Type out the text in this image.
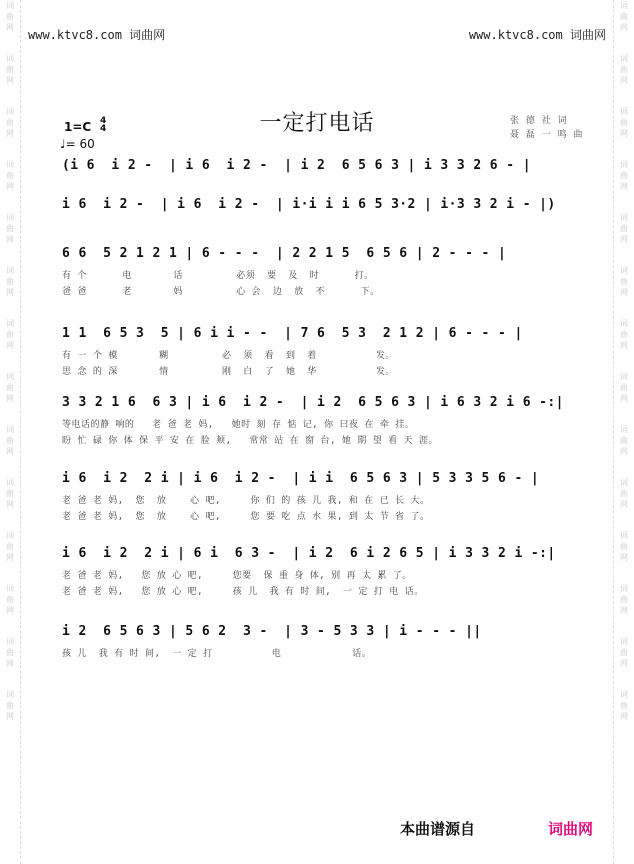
词
曲
网
词
曲
网
词
曲
网
词
曲
网
词
曲
网
词
曲
网
词
曲
网
词
曲
网
词
曲
网
词
曲
网
词
曲
网
词
曲
网
词
曲
网
词
曲
网
词
曲
网
词
曲
网
词
曲
网
词
曲
网
词
曲
网
词
曲
网
词
曲
网
词
曲
网
词
曲
网
词
曲
网
词
曲
网
词
曲
网
词
曲
网
词
曲
网
www.ktvc8.com 词曲网	www.ktvc8.com 词曲网
一定打电话
1=C 4
4
♩= 60
张 德 社 词
聂 磊 一 鸣 曲
(i 6  i 2 -  | i 6  i 2 -  | i 2  6 5 6 3 | i 3 3 2 6 - |
i 6  i 2 -  | i 6  i 2 -  | i·i i i 6 5 3·2 | i·3 3 2 i - |)
6 6  5 2 1 2 1 | 6 - - -  | 2 2 1 5  6 5 6 | 2 - - - |
有 个      电       话         必须  要  及  时      打。
爸 爸      老       妈         心 会  边  放  不      下。
1 1  6 5 3  5 | 6 i i - -  | 7 6  5 3  2 1 2 | 6 - - - |
有 一 个 模       糊         必  须  看  到  着          发。
思 念 的 深       情         刚  白  了  她  华          发。
3 3 2 1 6  6 3 | i 6  i 2 -  | i 2  6 5 6 3 | i 6 3 2 i 6 -:|
等电话的静 响的   老 爸 老 妈,   她时 刻 存 惦 记, 你 曰夜 在 牵 挂。
盼 忙 碌 你 体 保 平 安 在 脸 颊,   常常 站 在 窗 台, 她 期 望 看 天 涯。
i 6  i 2  2 i | i 6  i 2 -  | i i  6 5 6 3 | 5 3 3 5 6 - |
老 爸 老 妈,  您  放    心 吧,     你 们 的 孩 儿 我, 和 在 已 长 大。
老 爸 老 妈,  您  放    心 吧,     您 要 吃 点 水 果, 到 太 节 省 了。
i 6  i 2  2 i | 6 i  6 3 -  | i 2  6 i 2 6 5 | i 3 3 2 i -:|
老 爸 老 妈,   您 放 心 吧,     您要  保 重 身 体, 别 再 太 累 了。
老 爸 老 妈,   您 放 心 吧,     孩 儿  我 有 时 间,  一 定 打 电 话。
i 2  6 5 6 3 | 5 6 2  3 -  | 3 - 5 3 3 | i - - - ||
孩 儿  我 有 时 间,  一 定 打          电            话。
本曲谱源自	词曲网
